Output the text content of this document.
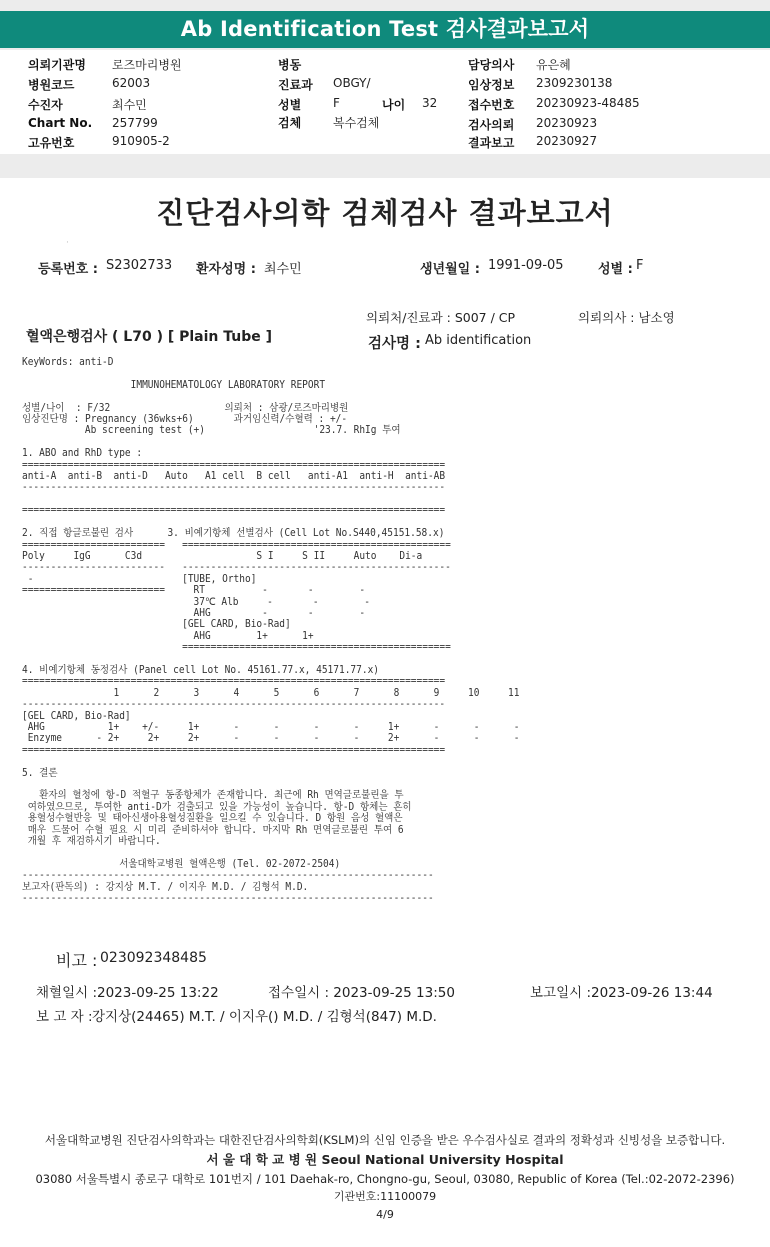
Ab Identification Test 검사결과보고서
의뢰기관명 로즈마리병원
병원코드	62003
수진자	최수민
Chart No. 257799
고유번호	910905-2
병동
진료과 OBGY/
성별	F	나이 32
검체	복수검체
담당의사 유은혜
임상정보 2309230138
접수번호 20230923-48485
검사의뢰 20230923
결과보고 20230927
진단검사의학 검체검사 결과보고서
등록번호 : S2302733 환자성명 : 최수민	생년월일 : 1991-09-05	성별 : F
의뢰처/진료과 : S007 / CP	의뢰의사 : 남소영
혈액은행검사 ( L70 ) [ Plain Tube ]	검사명 : Ab identification
KeyWords: anti-D

IMMUNOHEMATOLOGY LABORATORY REPORT

성별/나이  : F/32                    의뢰처 : 삼광/로즈마리병원
임상진단명 : Pregnancy (36wks+6)       과거임신력/수혈력 : +/-
Ab screening test (+)                   '23.7. RhIg 투여

1. ABO and RhD type :
==========================================================================
anti-A  anti-B  anti-D   Auto   A1 cell  B cell   anti-A1  anti-H  anti-AB
--------------------------------------------------------------------------

==========================================================================

2. 직접 항글로불린 검사      3. 비예기항체 선별검사 (Cell Lot No.S440,45151.58.x)
=========================   ===============================================
Poly     IgG      C3d                    S I     S II     Auto    Di-a
-------------------------   -----------------------------------------------
-                          [TUBE, Ortho]
=========================     RT          -       -        -
37℃ Alb     -       -        -
AHG         -       -        -
[GEL CARD, Bio-Rad]
AHG        1+      1+
===============================================

4. 비예기항체 동정검사 (Panel cell Lot No. 45161.77.x, 45171.77.x)
==========================================================================
1      2      3      4      5      6      7      8      9     10     11
--------------------------------------------------------------------------
[GEL CARD, Bio-Rad]
AHG           1+    +/-     1+      -      -      -      -     1+      -      -      -
Enzyme      - 2+     2+     2+      -      -      -      -     2+      -      -      -
==========================================================================

5. 결론

환자의 혈청에 항-D 적혈구 동종항체가 존재합니다. 최근에 Rh 면역글로불린을 투
여하였으므로, 투여한 anti-D가 검출되고 있을 가능성이 높습니다. 항-D 항체는 흔히
용혈성수혈반응 및 태아신생아용혈성질환을 일으킬 수 있습니다. D 항원 음성 혈액은
매우 드물어 수혈 필요 시 미리 준비하셔야 합니다. 마지막 Rh 면역글로불린 투여 6
개월 후 재검하시기 바랍니다.

서울대학교병원 혈액은행 (Tel. 02-2072-2504)
------------------------------------------------------------------------
보고자(판독의) : 강지상 M.T. / 이지우 M.D. / 김형석 M.D.
------------------------------------------------------------------------
·
비고 : 023092348485
채혈일시 :2023-09-25 13:22	접수일시 : 2023-09-25 13:50	보고일시 :2023-09-26 13:44
보 고 자 : 강지상(24465) M.T. / 이지우() M.D. / 김형석(847) M.D.
서울대학교병원 진단검사의학과는 대한진단검사의학회(KSLM)의 신임 인증을 받은 우수검사실로 결과의 정확성과 신빙성을 보증합니다.
서 울 대 학 교 병 원 Seoul National University Hospital
03080 서울특별시 종로구 대학로 101번지 / 101 Daehak-ro, Chongno-gu, Seoul, 03080, Republic of Korea (Tel.:02-2072-2396)
기관번호:11100079
4/9
